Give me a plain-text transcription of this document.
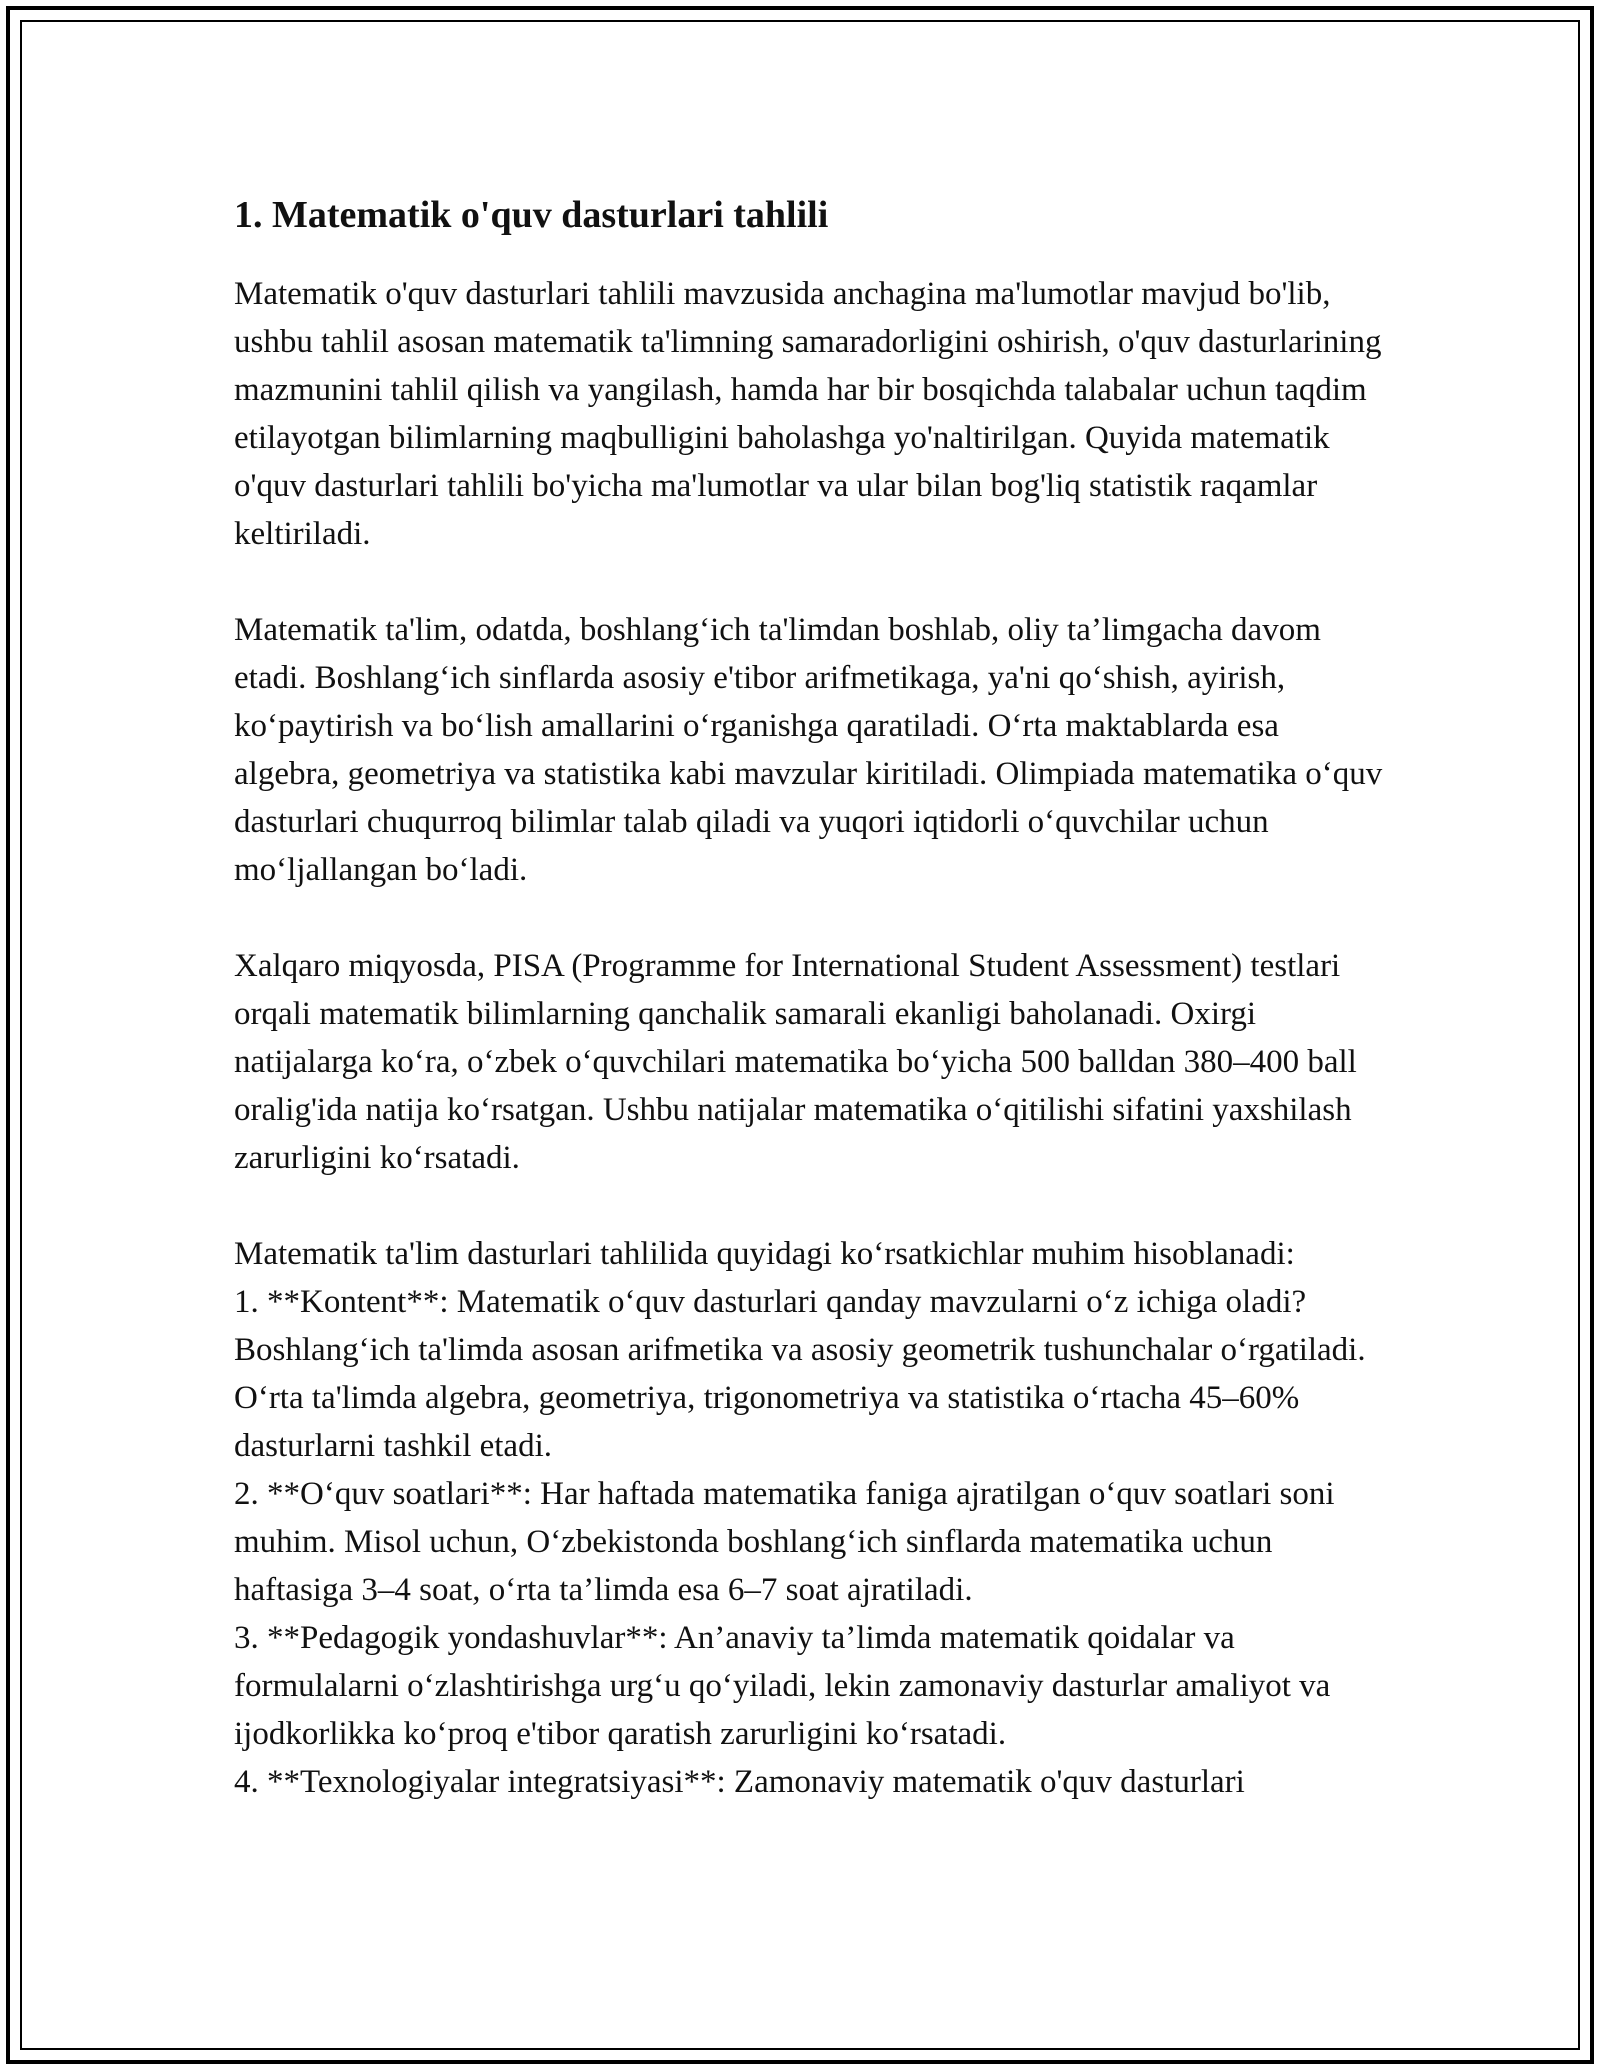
1. Matematik o'quv dasturlari tahlili

Matematik o'quv dasturlari tahlili mavzusida anchagina ma'lumotlar mavjud bo'lib, ushbu tahlil asosan matematik ta'limning samaradorligini oshirish, o'quv dasturlarining mazmunini tahlil qilish va yangilash, hamda har bir bosqichda talabalar uchun taqdim etilayotgan bilimlarning maqbulligini baholashga yo'naltirilgan. Quyida matematik o'quv dasturlari tahlili bo'yicha ma'lumotlar va ular bilan bog'liq statistik raqamlar keltiriladi.

Matematik ta'lim, odatda, boshlang‘ich ta'limdan boshlab, oliy ta’limgacha davom etadi. Boshlang‘ich sinflarda asosiy e'tibor arifmetikaga, ya'ni qo‘shish, ayirish, ko‘paytirish va bo‘lish amallarini o‘rganishga qaratiladi. O‘rta maktablarda esa algebra, geometriya va statistika kabi mavzular kiritiladi. Olimpiada matematika o‘quv dasturlari chuqurroq bilimlar talab qiladi va yuqori iqtidorli o‘quvchilar uchun mo‘ljallangan bo‘ladi.

Xalqaro miqyosda, PISA (Programme for International Student Assessment) testlari orqali matematik bilimlarning qanchalik samarali ekanligi baholanadi. Oxirgi natijalarga ko‘ra, o‘zbek o‘quvchilari matematika bo‘yicha 500 balldan 380–400 ball oralig'ida natija ko‘rsatgan. Ushbu natijalar matematika o‘qitilishi sifatini yaxshilash zarurligini ko‘rsatadi.

Matematik ta'lim dasturlari tahlilida quyidagi ko‘rsatkichlar muhim hisoblanadi:

1. **Kontent**: Matematik o‘quv dasturlari qanday mavzularni o‘z ichiga oladi? Boshlang‘ich ta'limda asosan arifmetika va asosiy geometrik tushunchalar o‘rgatiladi. O‘rta ta'limda algebra, geometriya, trigonometriya va statistika o‘rtacha 45–60% dasturlarni tashkil etadi.
2. **O‘quv soatlari**: Har haftada matematika faniga ajratilgan o‘quv soatlari soni muhim. Misol uchun, O‘zbekistonda boshlang‘ich sinflarda matematika uchun haftasiga 3–4 soat, o‘rta ta’limda esa 6–7 soat ajratiladi.
3. **Pedagogik yondashuvlar**: An’anaviy ta’limda matematik qoidalar va formulalarni o‘zlashtirishga urg‘u qo‘yiladi, lekin zamonaviy dasturlar amaliyot va ijodkorlikka ko‘proq e'tibor qaratish zarurligini ko‘rsatadi.
4. **Texnologiyalar integratsiyasi**: Zamonaviy matematik o'quv dasturlari
